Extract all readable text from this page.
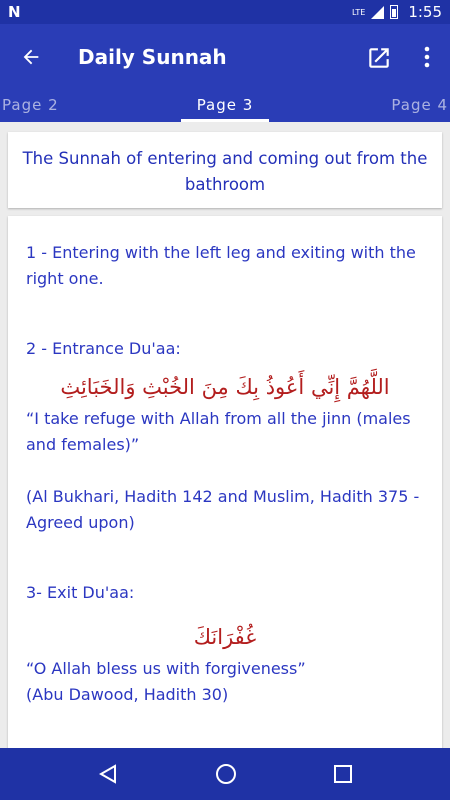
N	LTE	1:55
Daily Sunnah
Page 2	Page 3	Page 4
The Sunnah of entering and coming out from the bathroom

1 - Entering with the left leg and exiting with the right one.

2 - Entrance Du'aa:

اللَّهُمَّ إِنِّي أَعُوذُ بِكَ مِنَ الخُبْثِ وَالخَبَائِثِ

“I take refuge with Allah from all the jinn (males and females)”

(Al Bukhari, Hadith 142 and Muslim, Hadith 375 - Agreed upon)

3- Exit Du'aa:

غُفْرَانَكَ

“O Allah bless us with forgiveness”

(Abu Dawood, Hadith 30)
